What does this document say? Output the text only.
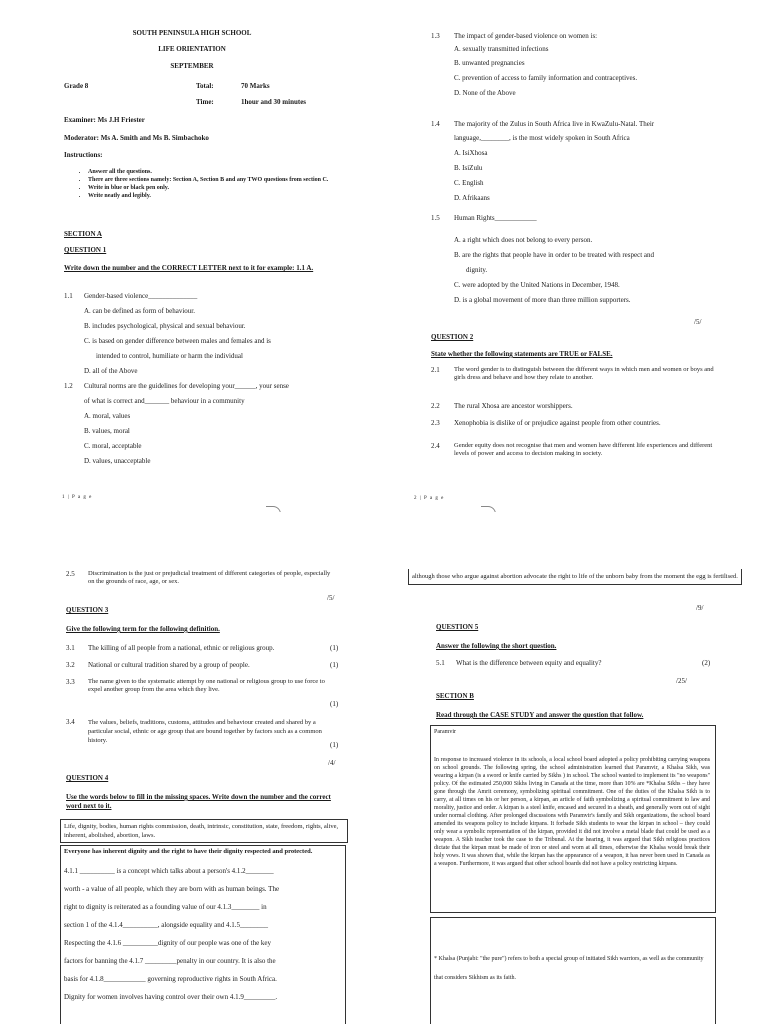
SOUTH PENINSULA HIGH SCHOOL
LIFE ORIENTATION
SEPTEMBER
Grade 8	Total:	70 Marks
Time:	1hour and 30 minutes
Examiner: Ms J.H Friester
Moderator: Ms A. Smith and Ms B. Simbachoko
Instructions:
• Answer all the questions.
• There are three sections namely: Section A, Section B and any TWO questions from section C.
• Write in blue or black pen only.
• Write neatly and legibly.
SECTION A
QUESTION 1
Write down the number and the CORRECT LETTER next to it for example: 1.1 A.
1.1 Gender-based violence______________
A. can be defined as form of behaviour.
B. includes psychological, physical and sexual behaviour.
C. is based on gender difference between males and females and is
intended to control, humiliate or harm the individual
D. all of the Above
1.2 Cultural norms are the guidelines for developing your______, your sense
of what is correct and_______ behaviour in a community
A. moral, values
B. values, moral
C. moral, acceptable
D. values, unacceptable
1 | P a g e
1.3 The impact of gender-based violence on women is:
A. sexually transmitted infections
B. unwanted pregnancies
C. prevention of access to family information and contraceptives.
D. None of the Above
1.4 The majority of the Zulus in South Africa live in KwaZulu-Natal. Their
language,________, is the most widely spoken in South Africa
A. IsiXhosa
B. IsiZulu
C. English
D. Afrikaans
1.5 Human Rights____________
A. a right which does not belong to every person.
B. are the rights that people have in order to be treated with respect and
dignity.
C. were adopted by the United Nations in December, 1948.
D. is a global movement of more than three million supporters.
/5/
QUESTION 2
State whether the following statements are TRUE or FALSE.
2.1 The word gender is to distinguish between the different ways in which men and women or boys and girls dress and behave and how they relate to another.
2.2 The rural Xhosa are ancestor worshippers.
2.3 Xenophobia is dislike of or prejudice against people from other countries.
2.4 Gender equity does not recognise that men and women have different life experiences and different levels of power and access to decision making in society.
2 | P a g e
2.5 Discrimination is the just or prejudicial treatment of different categories of people, especially on the grounds of race, age, or sex.
/5/
QUESTION 3
Give the following term for the following definition.
3.1 The killing of all people from a national, ethnic or religious group.	(1)
3.2 National or cultural tradition shared by a group of people.	(1)
3.3 The name given to the systematic attempt by one national or religious group to use force to expel another group from the area which they live.
(1)
3.4 The values, beliefs, traditions, customs, attitudes and behaviour created and shared by a particular social, ethnic or age group that are bound together by factors such as a common history.
(1)
/4/
QUESTION 4
Use the words below to fill in the missing spaces. Write down the number and the correct word next to it.
Life, dignity, bodies, human rights commission, death, intrinsic, constitution, state, freedom, rights, alive, inherent, abolished, abortion, laws.
Everyone has inherent dignity and the right to have their dignity respected and protected.
4.1.1 __________ is a concept which talks about a person's 4.1.2________
worth - a value of all people, which they are born with as human beings. The
right to dignity is reiterated as a founding value of our 4.1.3________ in
section 1 of the 4.1.4__________, alongside equality and 4.1.5________
Respecting the 4.1.6 __________dignity of our people was one of the key
factors for banning the 4.1.7 _________penalty in our country. It is also the
basis for 4.1.8____________ governing reproductive rights in South Africa.
Dignity for women involves having control over their own 4.1.9_________.
although those who argue against abortion advocate the right to life of the unborn baby from the moment the egg is fertilised.
/9/
QUESTION 5
Answer the following the short question.
5.1 What is the difference between equity and equality?	(2)
/25/
SECTION B
Read through the CASE STUDY and answer the question that follow.
Paramvir
In response to increased violence in its schools, a local school board adopted a policy prohibiting carrying weapons on school grounds. The following spring, the school administration learned that Paramvir, a Khalsa Sikh, was wearing a kirpan (is a sword or knife carried by Sikhs ) in school. The school wanted to implement its "no weapons" policy. Of the estimated 250,000 Sikhs living in Canada at the time, more than 10% are *Khalsa Sikhs – they have gone through the Amrit ceremony, symbolizing spiritual commitment. One of the duties of the Khalsa Sikh is to carry, at all times on his or her person, a kirpan, an article of faith symbolizing a spiritual commitment to law and morality, justice and order. A kirpan is a steel knife, encased and secured in a sheath, and generally worn out of sight under normal clothing. After prolonged discussions with Paramvir's family and Sikh organizations, the school board amended its weapons policy to include kirpans. It forbade Sikh students to wear the kirpan in school – they could only wear a symbolic representation of the kirpan, provided it did not involve a metal blade that could be used as a weapon. A Sikh teacher took the case to the Tribunal. At the hearing, it was argued that Sikh religious practices dictate that the kirpan must be made of iron or steel and worn at all times, otherwise the Khalsa would break their holy vows. It was shown that, while the kirpan has the appearance of a weapon, it has never been used in Canada as a weapon. Furthermore, it was argued that other school boards did not have a policy restricting kirpans.
* Khalsa (Punjabi: "the pure") refers to both a special group of initiated Sikh warriors, as well as the community that considers Sikhism as its faith.
